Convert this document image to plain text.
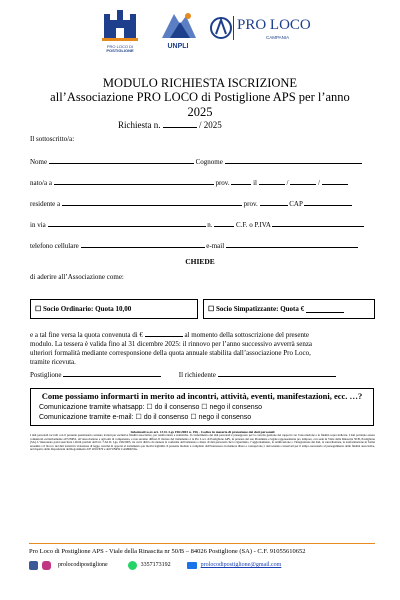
PRO LOCO DI
POSTIGLIONE
UNPLI
PRO LOCO
CAMPANIA
MODULO RICHIESTA ISCRIZIONE
all’Associazione PRO LOCO di Postiglione APS per l’anno
2025
Richiesta n.	/ 2025
Il sottoscritto/a:
Nome	Cognome
nato/a a	prov.	il	/	/
residente a	prov.	CAP
in via	n.	C.F. o P.IVA
telefono cellulare	e-mail
CHIEDE
di aderire all’Associazione come:
☐
Socio Ordinario: Quota 10,00	☐
Socio Simpatizzante: Quota €
e a tal fine versa la quota convenuta di €	al momento della sottoscrizione del presente
modulo. La tessera è valida fino al 31 dicembre 2025: il rinnovo per l’anno successivo avverrà senza
ulteriori formalità mediante corresponsione della quota annuale stabilita dall’associazione Pro Loco,
tramite ricevuta.
Postiglione	Il richiedente
Come possiamo informarti in merito ad incontri, attività, eventi, manifestazioni, ecc. …?
Comunicazione tramite whatsapp: ☐ do il consenso ☐ nego il consenso
Comunicazione tramite e-mail: ☐ do il consenso ☐ nego il consenso
Informativa ex art. 13 D. Lgs 196/2003 n. 196 - Codice in materia di protezione dei dati personali
I dati personali raccolti con il presente questionario saranno trattati per esclusive finalità associative, per rendicontare e statistiche. Il conferimento dei dati personali è presupposto per la corretta gestione dei rapporti con l’associazione e le finalità sopra indicate. I dati potranno essere comunicati esclusivamente all’UNPLI, all’Associazione e agli enti di competenza, e non saranno diffusi. Il titolare del trattamento è la Pro Loco di Postiglione APS, in persona del suo Presidente e legale rappresentante pro tempore, con sede in Viale della Rinascita 50/B, Postiglione (SA). L’interessato potrà esercitare i diritti previsti dall’art. 7 del D. Lgs. 196/2003, tra cui il diritto di ottenere la conferma dell’esistenza o meno di dati personali che lo riguardano, l’aggiornamento, la rettificazione o l’integrazione dei dati, la cancellazione, la trasformazione in forma anonima o il blocco dei dati trattati in violazione di legge, nonché di opporsi al trattamento per motivi legittimi. Il presente modulo è compilato dall’interessato in maniera libera e consapevole; i dati saranno conservati per il tempo necessario al perseguimento delle finalità associative, nel rispetto delle disposizioni del Regolamento UE 2016/679 e dell’UNPLI CAMPANIA.
Pro Loco di Postiglione APS - Viale della Rinascita nr 50/B – 84026 Postiglione (SA) - C.F. 91055610652
prolocodipostiglione	3357173192	prolocodipostiglione@gmail.com
